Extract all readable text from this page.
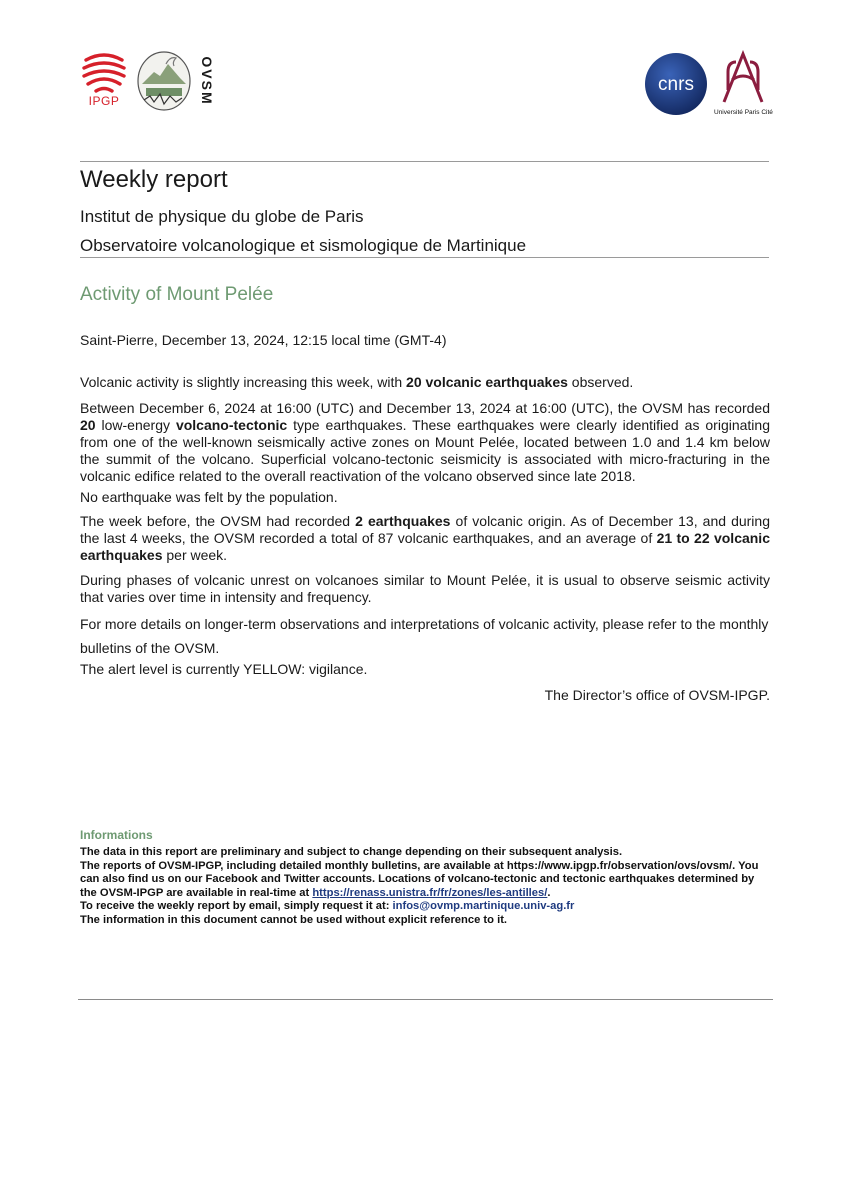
IPGP	OVSM	cnrs
Université Paris Cité
Weekly report
Institut de physique du globe de Paris
Observatoire volcanologique et sismologique de Martinique
Activity of Mount Pelée
Saint-Pierre, December 13, 2024, 12:15 local time (GMT-4)

Volcanic activity is slightly increasing this week, with 20 volcanic earthquakes observed.

Between December 6, 2024 at 16:00 (UTC) and December 13, 2024 at 16:00 (UTC), the OVSM has recorded 20 low-energy volcano-tectonic type earthquakes. These earthquakes were clearly identified as originating from one of the well-known seismically active zones on Mount Pelée, located between 1.0 and 1.4 km below the summit of the volcano. Superficial volcano-tectonic seismicity is associated with micro-fracturing in the volcanic edifice related to the overall reactivation of the volcano observed since late 2018.

No earthquake was felt by the population.

The week before, the OVSM had recorded 2 earthquakes of volcanic origin. As of December 13, and during the last 4 weeks, the OVSM recorded a total of 87 volcanic earthquakes, and an average of 21 to 22 volcanic earthquakes per week.

During phases of volcanic unrest on volcanoes similar to Mount Pelée, it is usual to observe seismic activity that varies over time in intensity and frequency.

For more details on longer-term observations and interpretations of volcanic activity, please refer to the monthly bulletins of the OVSM.

The alert level is currently YELLOW: vigilance.

The Director’s office of OVSM-IPGP.
Informations

The data in this report are preliminary and subject to change depending on their subsequent analysis.
The reports of OVSM-IPGP, including detailed monthly bulletins, are available at https://www.ipgp.fr/observation/ovs/ovsm/. You can also find us on our Facebook and Twitter accounts. Locations of volcano-tectonic and tectonic earthquakes determined by the OVSM-IPGP are available in real-time at https://renass.unistra.fr/fr/zones/les-antilles/.
To receive the weekly report by email, simply request it at: infos@ovmp.martinique.univ-ag.fr
The information in this document cannot be used without explicit reference to it.
